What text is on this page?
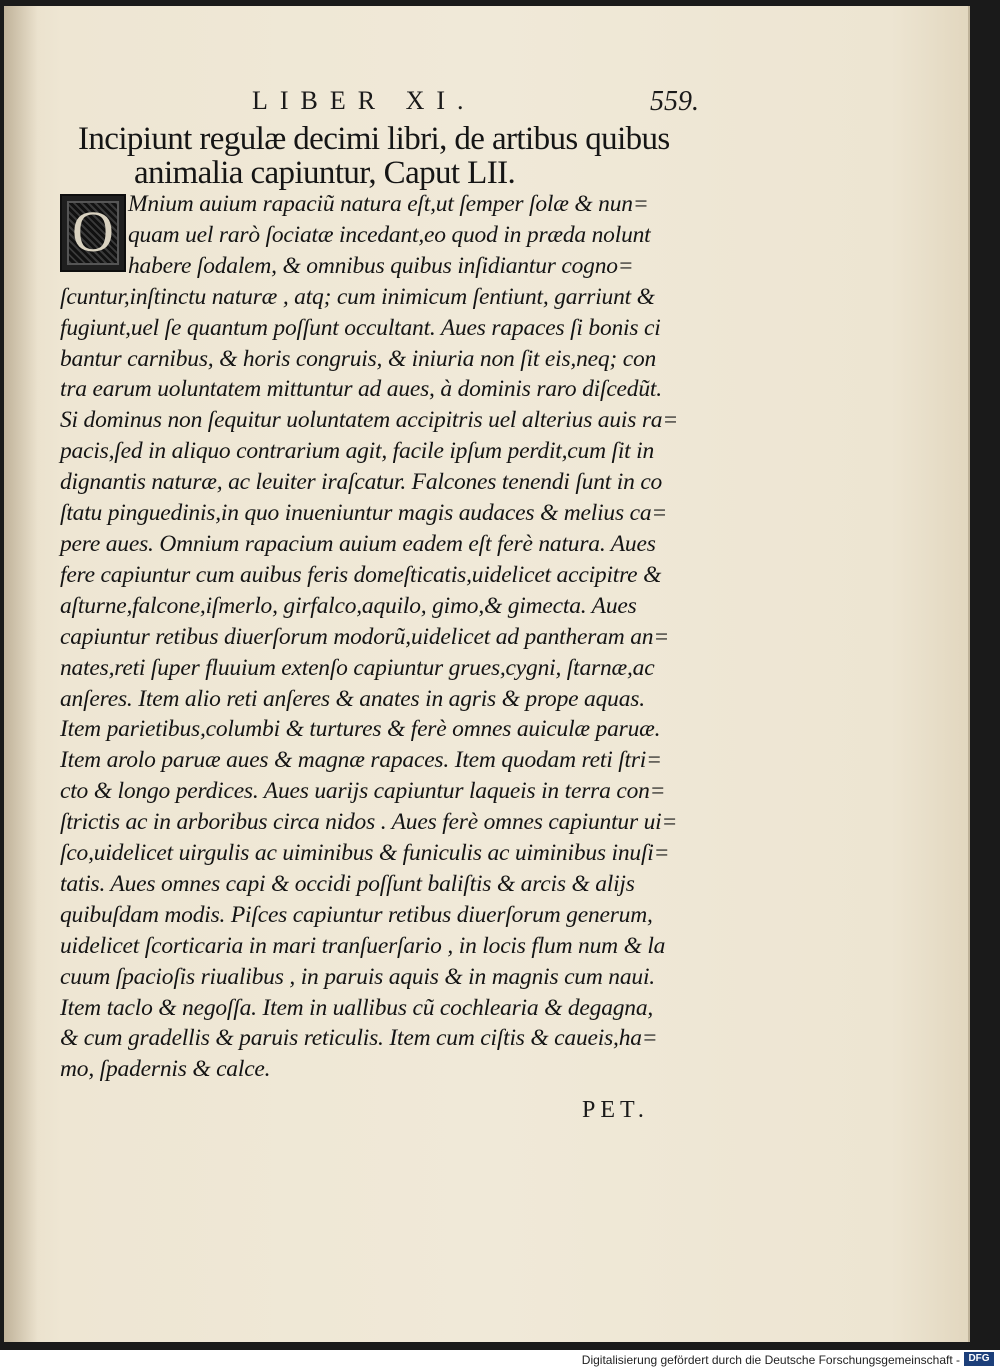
LIBER XI.	559.
Incipiunt regulæ decimi libri, de artibus quibus
animalia capiuntur, Caput LII.
O Mnium auium rapaciũ natura eſt,ut ſemper ſolæ & nun=
quam uel rarò ſociatæ incedant,eo quod in præda nolunt
habere ſodalem, & omnibus quibus inſidiantur cogno=
ſcuntur,inſtinctu naturæ , atq; cum inimicum ſentiunt, garriunt &
fugiunt,uel ſe quantum poſſunt occultant. Aues rapaces ſi bonis ci
bantur carnibus, & horis congruis, & iniuria non ſit eis,neq; con
tra earum uoluntatem mittuntur ad aues, à dominis raro diſcedũt.
Si dominus non ſequitur uoluntatem accipitris uel alterius auis ra=
pacis,ſed in aliquo contrarium agit, facile ipſum perdit,cum ſit in
dignantis naturæ, ac leuiter iraſcatur. Falcones tenendi ſunt in co
ſtatu pinguedinis,in quo inueniuntur magis audaces & melius ca=
pere aues. Omnium rapacium auium eadem eſt ferè natura. Aues
fere capiuntur cum auibus feris domeſticatis,uidelicet accipitre &
aſturne,falcone,iſmerlo, girfalco,aquilo, gimo,& gimecta. Aues
capiuntur retibus diuerſorum modorũ,uidelicet ad pantheram an=
nates,reti ſuper fluuium extenſo capiuntur grues,cygni, ſtarnæ,ac
anſeres. Item alio reti anſeres & anates in agris & prope aquas.
Item parietibus,columbi & turtures & ferè omnes auiculæ paruæ.
Item arolo paruæ aues & magnæ rapaces. Item quodam reti ſtri=
cto & longo perdices. Aues uarijs capiuntur laqueis in terra con=
ſtrictis ac in arboribus circa nidos . Aues ferè omnes capiuntur ui=
ſco,uidelicet uirgulis ac uiminibus & funiculis ac uiminibus inuſi=
tatis. Aues omnes capi & occidi poſſunt baliſtis & arcis & alijs
quibuſdam modis. Piſces capiuntur retibus diuerſorum generum,
uidelicet ſcorticaria in mari tranſuerſario , in locis flum num & la
cuum ſpacioſis riualibus , in paruis aquis & in magnis cum naui.
Item taclo & negoſſa. Item in uallibus cũ cochlearia & degagna,
& cum gradellis & paruis reticulis. Item cum ciſtis & caueis,ha=
mo, ſpadernis & calce.
PET.
Digitalisierung gefördert durch die Deutsche Forschungsgemeinschaft - DFG
